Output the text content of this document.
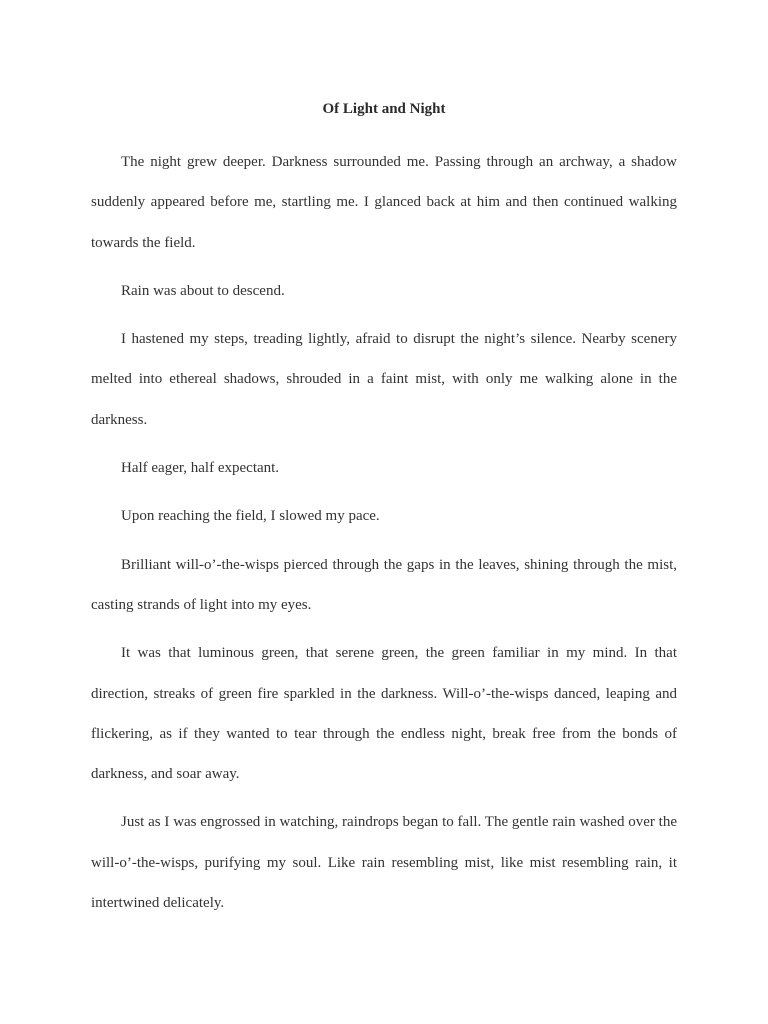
Of Light and Night

The night grew deeper. Darkness surrounded me. Passing through an archway, a shadow suddenly appeared before me, startling me. I glanced back at him and then continued walking towards the field.

Rain was about to descend.

I hastened my steps, treading lightly, afraid to disrupt the night’s silence. Nearby scenery melted into ethereal shadows, shrouded in a faint mist, with only me walking alone in the darkness.

Half eager, half expectant.

Upon reaching the field, I slowed my pace.

Brilliant will-o’-the-wisps pierced through the gaps in the leaves, shining through the mist, casting strands of light into my eyes.

It was that luminous green, that serene green, the green familiar in my mind. In that direction, streaks of green fire sparkled in the darkness. Will-o’-the-wisps danced, leaping and flickering, as if they wanted to tear through the endless night, break free from the bonds of darkness, and soar away.

Just as I was engrossed in watching, raindrops began to fall. The gentle rain washed over the will-o’-the-wisps, purifying my soul. Like rain resembling mist, like mist resembling rain, it intertwined delicately.
